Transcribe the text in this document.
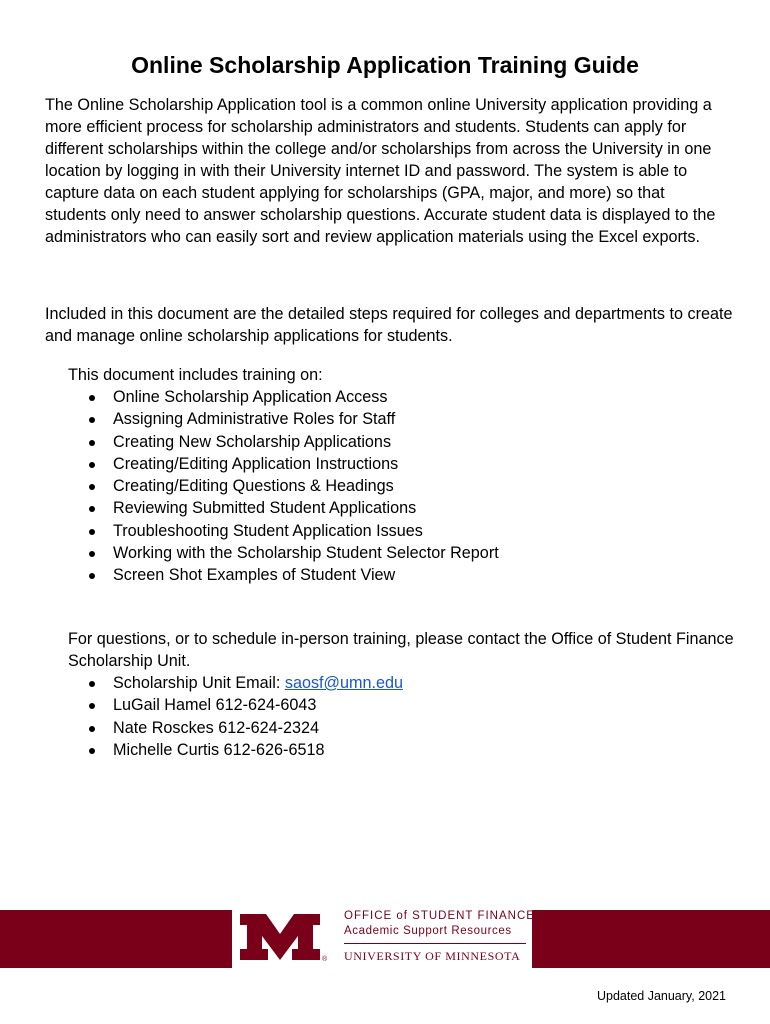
Online Scholarship Application Training Guide

The Online Scholarship Application tool is a common online University application providing a more efficient process for scholarship administrators and students. Students can apply for different scholarships within the college and/or scholarships from across the University in one location by logging in with their University internet ID and password. The system is able to capture data on each student applying for scholarships (GPA, major, and more) so that students only need to answer scholarship questions. Accurate student data is displayed to the administrators who can easily sort and review application materials using the Excel exports.

Included in this document are the detailed steps required for colleges and departments to create and manage online scholarship applications for students.

This document includes training on:

Online Scholarship Application Access
Assigning Administrative Roles for Staff
Creating New Scholarship Applications
Creating/Editing Application Instructions
Creating/Editing Questions & Headings
Reviewing Submitted Student Applications
Troubleshooting Student Application Issues
Working with the Scholarship Student Selector Report
Screen Shot Examples of Student View

For questions, or to schedule in-person training, please contact the Office of Student Finance Scholarship Unit.

Scholarship Unit Email: saosf@umn.edu
LuGail Hamel 612-624-6043
Nate Rosckes 612-624-2324
Michelle Curtis 612-626-6518
®
OFFICE of STUDENT FINANCE
Academic Support Resources
UNIVERSITY OF MINNESOTA

Updated January, 2021
